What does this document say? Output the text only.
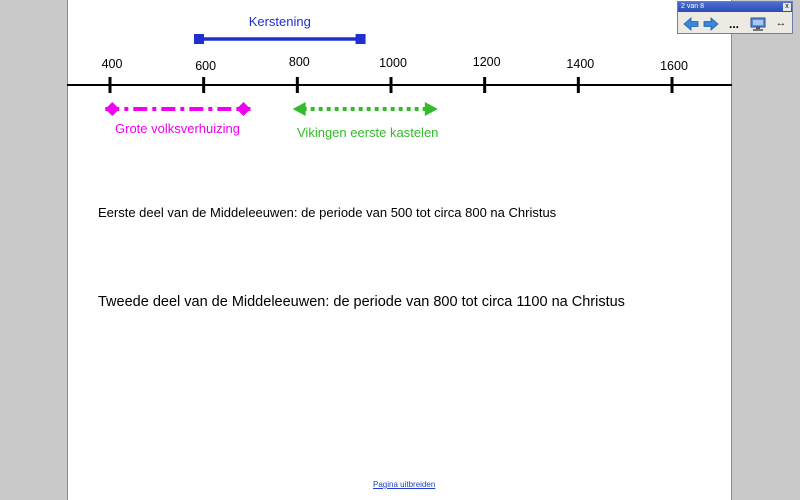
400	600	800	1000	1200	1400	1600
Kerstening
Grote volksverhuizing	Vikingen eerste kastelen

Eerste deel van de Middeleeuwen: de periode van 500 tot circa 800 na Christus

Tweede deel van de Middeleeuwen: de periode van 800 tot circa 1100 na Christus

Pagina uitbreiden
2 van 8	x
...	↔
